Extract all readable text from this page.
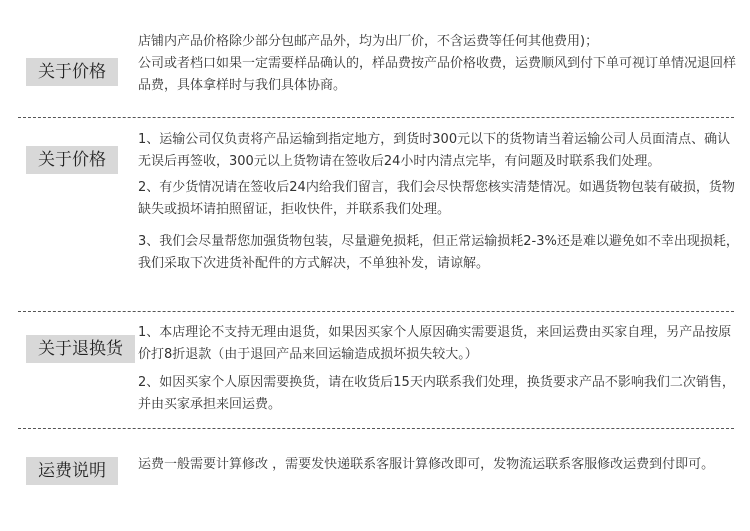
关于价格

店铺内产品价格除少部分包邮产品外，均为出厂价，不含运费等任何其他费用)；

公司或者档口如果一定需要样品确认的，样品费按产品价格收费，运费顺风到付下单可视订单情况退回样品费，具体拿样时与我们具体协商。

关于价格

1、运输公司仅负责将产品运输到指定地方，到货时300元以下的货物请当着运输公司人员面清点、确认无误后再签收，300元以上货物请在签收后24小时内清点完毕，有问题及时联系我们处理。

2、有少货情况请在签收后24内给我们留言，我们会尽快帮您核实清楚情况。如遇货物包装有破损，货物缺失或损坏请拍照留证，拒收快件，并联系我们处理。

3、我们会尽量帮您加强货物包装，尽量避免损耗，但正常运输损耗2-3%还是难以避免如不幸出现损耗，我们采取下次进货补配件的方式解决，不单独补发，请谅解。

关于退换货

1、本店理论不支持无理由退货，如果因买家个人原因确实需要退货，来回运费由买家自理，另产品按原价打8折退款（由于退回产品来回运输造成损坏损失较大。）

2、如因买家个人原因需要换货，请在收货后15天内联系我们处理，换货要求产品不影响我们二次销售，并由买家承担来回运费。

运费说明	运费一般需要计算修改 ，需要发快递联系客服计算修改即可，发物流运联系客服修改运费到付即可。
